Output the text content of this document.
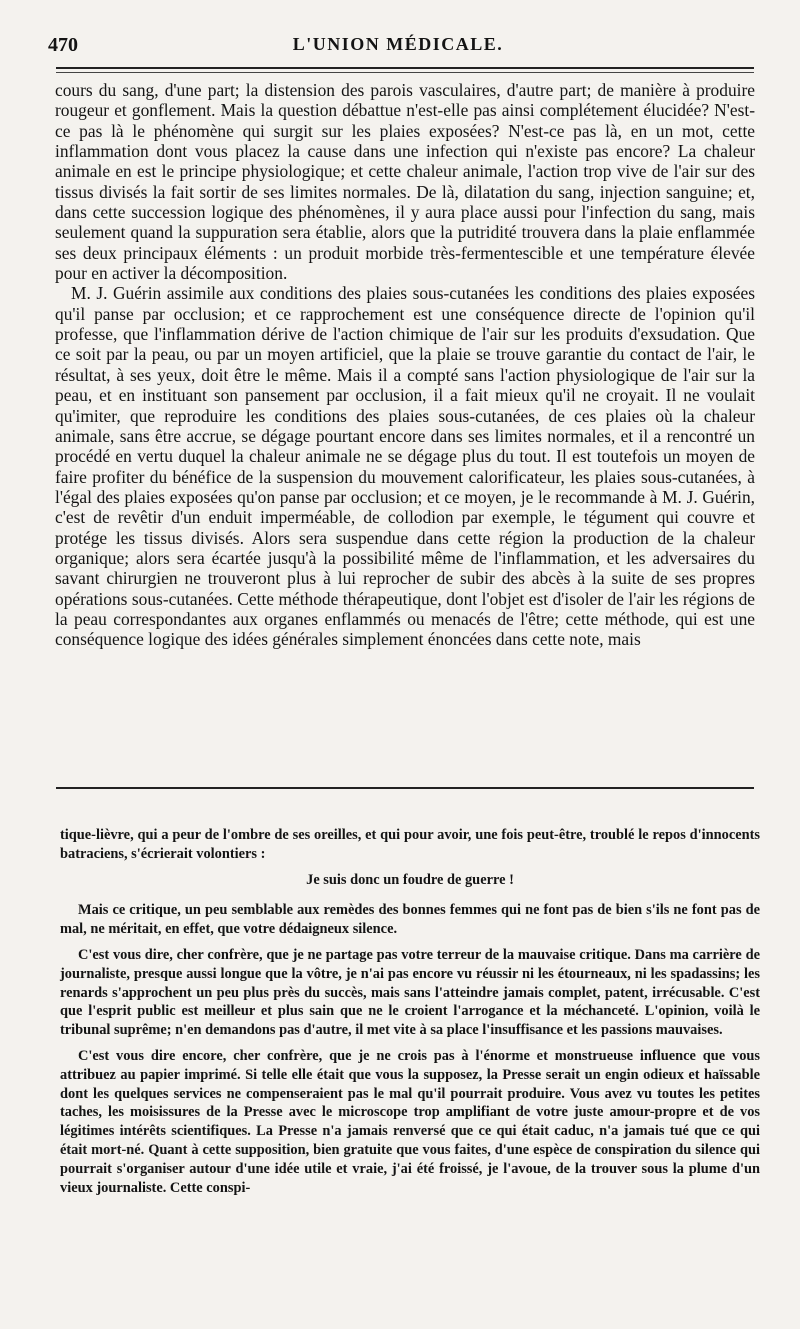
470	L'UNION MÉDICALE.

cours du sang, d'une part; la distension des parois vasculaires, d'autre part; de manière à produire rougeur et gonflement. Mais la question débattue n'est-elle pas ainsi complétement élucidée? N'est-ce pas là le phénomène qui surgit sur les plaies exposées? N'est-ce pas là, en un mot, cette inflammation dont vous placez la cause dans une infection qui n'existe pas encore? La chaleur animale en est le principe physiologique; et cette chaleur animale, l'action trop vive de l'air sur des tissus divisés la fait sortir de ses limites normales. De là, dilatation du sang, injection sanguine; et, dans cette succession logique des phénomènes, il y aura place aussi pour l'infection du sang, mais seulement quand la suppuration sera établie, alors que la putridité trouvera dans la plaie enflammée ses deux principaux éléments : un produit morbide très-fermentescible et une température élevée pour en activer la décomposition.

M. J. Guérin assimile aux conditions des plaies sous-cutanées les conditions des plaies exposées qu'il panse par occlusion; et ce rapprochement est une conséquence directe de l'opinion qu'il professe, que l'inflammation dérive de l'action chimique de l'air sur les produits d'exsudation. Que ce soit par la peau, ou par un moyen artificiel, que la plaie se trouve garantie du contact de l'air, le résultat, à ses yeux, doit être le même. Mais il a compté sans l'action physiologique de l'air sur la peau, et en instituant son pansement par occlusion, il a fait mieux qu'il ne croyait. Il ne voulait qu'imiter, que reproduire les conditions des plaies sous-cutanées, de ces plaies où la chaleur animale, sans être accrue, se dégage pourtant encore dans ses limites normales, et il a rencontré un procédé en vertu duquel la chaleur animale ne se dégage plus du tout. Il est toutefois un moyen de faire profiter du bénéfice de la suspension du mouvement calorificateur, les plaies sous-cutanées, à l'égal des plaies exposées qu'on panse par occlusion; et ce moyen, je le recommande à M. J. Guérin, c'est de revêtir d'un enduit imperméable, de collodion par exemple, le tégument qui couvre et protége les tissus divisés. Alors sera suspendue dans cette région la production de la chaleur organique; alors sera écartée jusqu'à la possibilité même de l'inflammation, et les adversaires du savant chirurgien ne trouveront plus à lui reprocher de subir des abcès à la suite de ses propres opérations sous-cutanées. Cette méthode thérapeutique, dont l'objet est d'isoler de l'air les régions de la peau correspondantes aux organes enflammés ou menacés de l'être; cette méthode, qui est une conséquence logique des idées générales simplement énoncées dans cette note, mais

tique-lièvre, qui a peur de l'ombre de ses oreilles, et qui pour avoir, une fois peut-être, troublé le repos d'innocents batraciens, s'écrierait volontiers :

Je suis donc un foudre de guerre !

Mais ce critique, un peu semblable aux remèdes des bonnes femmes qui ne font pas de bien s'ils ne font pas de mal, ne méritait, en effet, que votre dédaigneux silence.

C'est vous dire, cher confrère, que je ne partage pas votre terreur de la mauvaise critique. Dans ma carrière de journaliste, presque aussi longue que la vôtre, je n'ai pas encore vu réussir ni les étourneaux, ni les spadassins; les renards s'approchent un peu plus près du succès, mais sans l'atteindre jamais complet, patent, irrécusable. C'est que l'esprit public est meilleur et plus sain que ne le croient l'arrogance et la méchanceté. L'opinion, voilà le tribunal suprême; n'en demandons pas d'autre, il met vite à sa place l'insuffisance et les passions mauvaises.

C'est vous dire encore, cher confrère, que je ne crois pas à l'énorme et monstrueuse influence que vous attribuez au papier imprimé. Si telle elle était que vous la supposez, la Presse serait un engin odieux et haïssable dont les quelques services ne compenseraient pas le mal qu'il pourrait produire. Vous avez vu toutes les petites taches, les moisissures de la Presse avec le microscope trop amplifiant de votre juste amour-propre et de vos légitimes intérêts scientifiques. La Presse n'a jamais renversé que ce qui était caduc, n'a jamais tué que ce qui était mort-né. Quant à cette supposition, bien gratuite que vous faites, d'une espèce de conspiration du silence qui pourrait s'organiser autour d'une idée utile et vraie, j'ai été froissé, je l'avoue, de la trouver sous la plume d'un vieux journaliste. Cette conspi-
